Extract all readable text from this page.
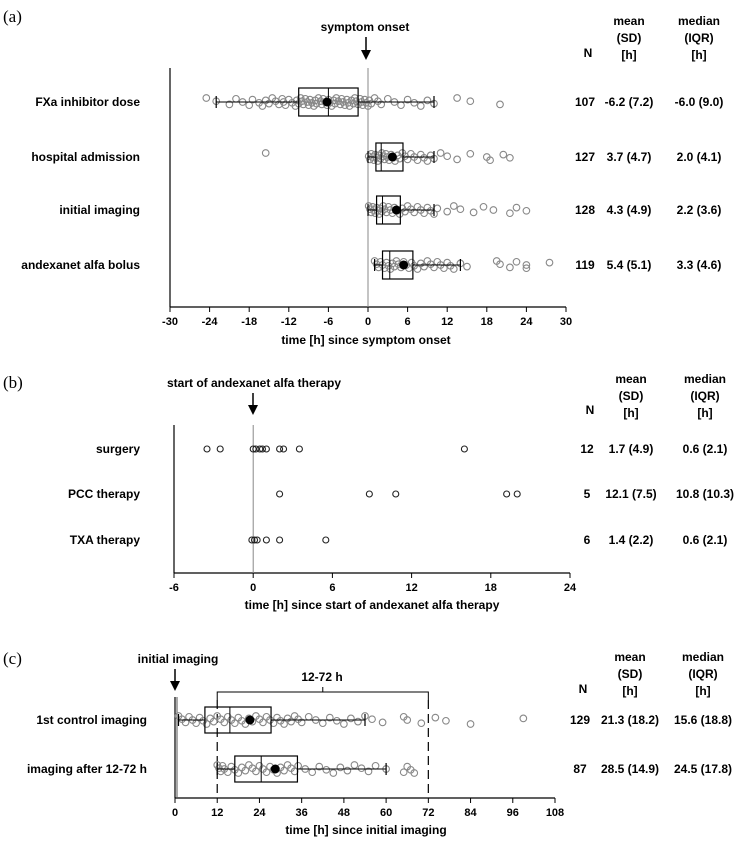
(a)
symptom onset
N
mean
(SD)
[h]
median
(IQR)
[h]
-30 -24 -18 -12 -6	0	6	12 18 24 30
FXa inhibitor dose	107 -6.2 (7.2) -6.0 (9.0)
hospital admission	127 3.7 (4.7) 2.0 (4.1)
initial imaging	128 4.3 (4.9) 2.2 (3.6)
andexanet alfa bolus	119 5.4 (5.1) 3.3 (4.6)
time [h] since symptom onset
(b)	start of andexanet alfa therapy
N
mean
(SD)
[h]
median
(IQR)
[h]
-6	0	6	12	18	24
surgery	12 1.7 (4.9) 0.6 (2.1)
PCC therapy	5 12.1 (7.5) 10.8 (10.3)
TXA therapy	6 1.4 (2.2) 0.6 (2.1)
time [h] since start of andexanet alfa therapy
(c)	initial imaging
12-72 h
N
mean
(SD)
[h]
median
(IQR)
[h]
0	12	24	36	48	60	72	84	96 108
1st control imaging	129 21.3 (18.2) 15.6 (18.8)
imaging after 12-72 h	87 28.5 (14.9) 24.5 (17.8)
time [h] since initial imaging
